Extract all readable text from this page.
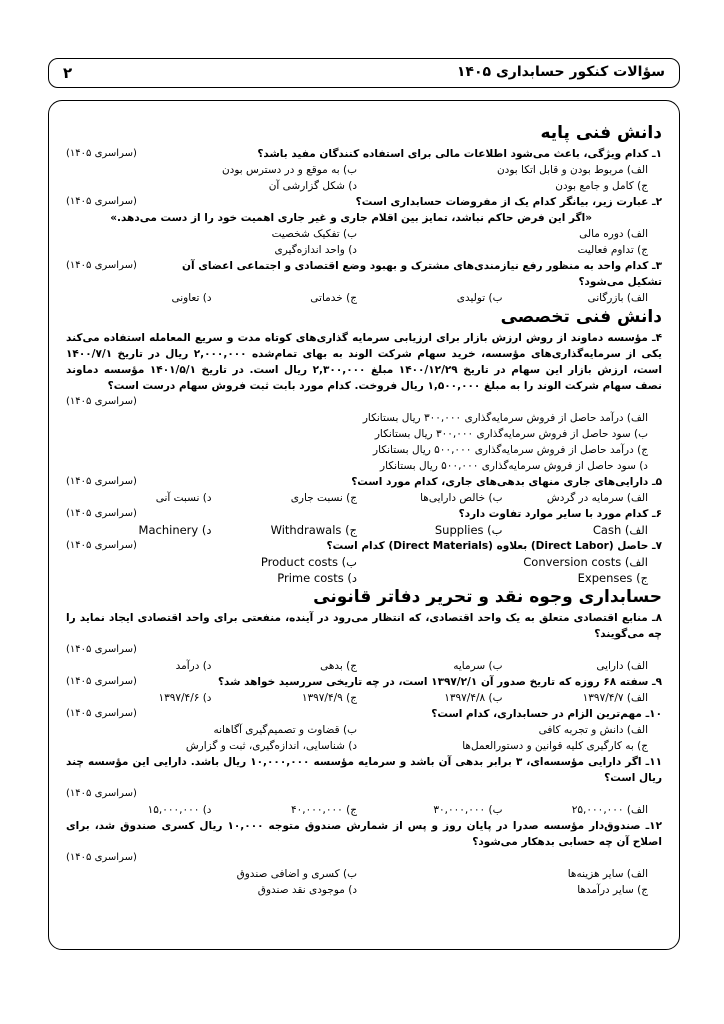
۲	سؤالات کنکور حسابداری ۱۴۰۵
دانش فنی پایه
۱ـ کدام ویژگی، باعث می‌شود اطلاعات مالی برای استفاده کنندگان مفید باشد؟
(سراسری ۱۴۰۵)
الف) مربوط بودن و قابل اتکا بودن
ب) به موقع و در دسترس بودن
ج) کامل و جامع بودن
د) شکل گزارشی آن
۲ـ عبارت زیر، بیانگر کدام یک از مفروضات حسابداری است؟
(سراسری ۱۴۰۵)
«اگر این فرض حاکم نباشد، تمایز بین اقلام جاری و غیر جاری اهمیت خود را از دست می‌دهد.»
الف) دوره مالی
ب) تفکیک شخصیت
ج) تداوم فعالیت
د) واحد اندازه‌گیری
۳ـ کدام واحد به منظور رفع نیازمندی‌های مشترک و بهبود وضع اقتصادی و اجتماعی اعضای آن تشکیل می‌شود؟
(سراسری ۱۴۰۵)
الف) بازرگانی
ب) تولیدی
ج) خدماتی
د) تعاونی
دانش فنی تخصصی
۴ـ مؤسسه دماوند از روش ارزش بازار برای ارزیابی سرمایه گذاری‌های کوتاه مدت و سریع المعامله استفاده می‌کند یکی از سرمایه‌گذاری‌های مؤسسه، خرید سهام شرکت الوند به بهای تمام‌شده ۲,۰۰۰,۰۰۰ ریال در تاریخ ۱۴۰۰/۷/۱ است، ارزش بازار این سهام در تاریخ ۱۴۰۰/۱۲/۲۹ مبلغ ۲,۳۰۰,۰۰۰ ریال است. در تاریخ ۱۴۰۱/۵/۱ مؤسسه دماوند نصف سهام شرکت الوند را به مبلغ ۱,۵۰۰,۰۰۰ ریال فروخت. کدام مورد بابت ثبت فروش سهام درست است؟
(سراسری ۱۴۰۵)
الف) درآمد حاصل از فروش سرمایه‌گذاری ۳۰۰,۰۰۰ ریال بستانکار
ب) سود حاصل از فروش سرمایه‌گذاری ۳۰۰,۰۰۰ ریال بستانکار
ج) درآمد حاصل از فروش سرمایه‌گذاری ۵۰۰,۰۰۰ ریال بستانکار
د) سود حاصل از فروش سرمایه‌گذاری ۵۰۰,۰۰۰ ریال بستانکار
۵ـ دارایی‌های جاری منهای بدهی‌های جاری، کدام مورد است؟
(سراسری ۱۴۰۵)
الف) سرمایه در گردش
ب) خالص دارایی‌ها
ج) نسبت جاری
د) نسبت آنی
۶ـ کدام مورد با سایر موارد تفاوت دارد؟
(سراسری ۱۴۰۵)
الف) Cash
ب) Supplies
ج) Withdrawals
د) Machinery
۷ـ حاصل (Direct Labor) بعلاوه (Direct Materials) کدام است؟
(سراسری ۱۴۰۵)
الف) Conversion costs
ب) Product costs
ج) Expenses
د) Prime costs
حسابداری وجوه نقد و تحریر دفاتر قانونی
۸ـ منابع اقتصادی متعلق به یک واحد اقتصادی، که انتظار می‌رود در آینده، منفعتی برای واحد اقتصادی ایجاد نماید را چه می‌گویند؟
(سراسری ۱۴۰۵)
الف) دارایی
ب) سرمایه
ج) بدهی
د) درآمد
۹ـ سفته ۶۸ روزه که تاریخ صدور آن ۱۳۹۷/۲/۱ است، در چه تاریخی سررسید خواهد شد؟
(سراسری ۱۴۰۵)
الف) ۱۳۹۷/۴/۷
ب) ۱۳۹۷/۴/۸
ج) ۱۳۹۷/۴/۹
د) ۱۳۹۷/۴/۶
۱۰ـ مهم‌ترین الزام در حسابداری، کدام است؟
(سراسری ۱۴۰۵)
الف) دانش و تجربه کافی
ب) قضاوت و تصمیم‌گیری آگاهانه
ج) به کارگیری کلیه قوانین و دستورالعمل‌ها
د) شناسایی، اندازه‌گیری، ثبت و گزارش
۱۱ـ اگر دارایی مؤسسه‌ای، ۳ برابر بدهی آن باشد و سرمایه مؤسسه ۱۰,۰۰۰,۰۰۰ ریال باشد. دارایی این مؤسسه چند ریال است؟
(سراسری ۱۴۰۵)
الف) ۲۵,۰۰۰,۰۰۰
ب) ۳۰,۰۰۰,۰۰۰
ج) ۴۰,۰۰۰,۰۰۰
د) ۱۵,۰۰۰,۰۰۰
۱۲ـ صندوق‌دار مؤسسه صدرا در پایان روز و پس از شمارش صندوق متوجه ۱۰,۰۰۰ ریال کسری صندوق شد، برای اصلاح آن چه حسابی بدهکار می‌شود؟
(سراسری ۱۴۰۵)
الف) سایر هزینه‌ها
ب) کسری و اضافی صندوق
ج) سایر درآمدها
د) موجودی نقد صندوق
